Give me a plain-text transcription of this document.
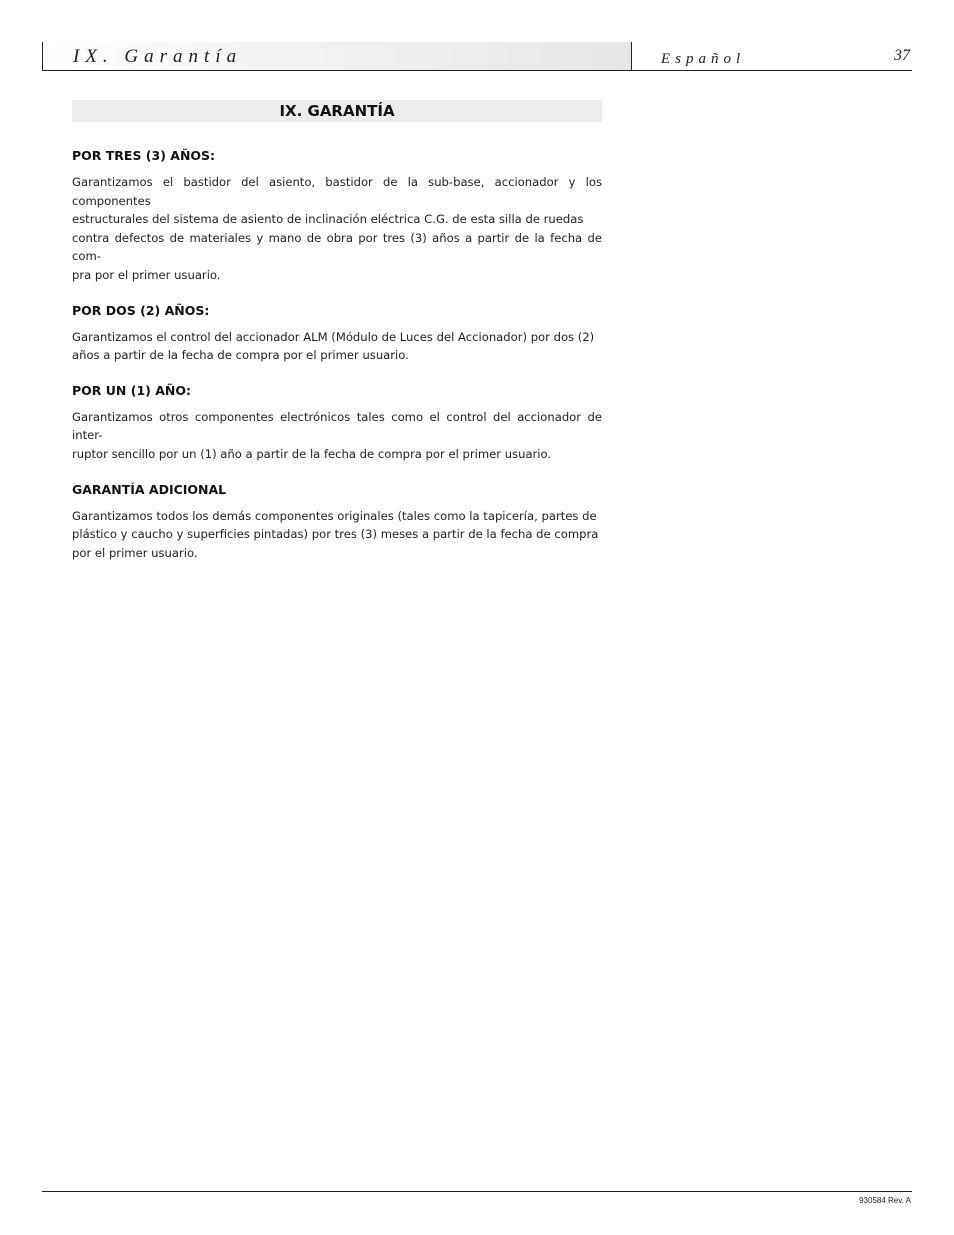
IX. Garantía	Español	37
IX. GARANTÍA
POR TRES (3) AÑOS:

Garantizamos el bastidor del asiento, bastidor de la sub-base, accionador y los componentes
estructurales del sistema de asiento de inclinación eléctrica C.G. de esta silla de ruedas
contra defectos de materiales y mano de obra por tres (3) años a partir de la fecha de com-
pra por el primer usuario.

POR DOS (2) AÑOS:

Garantizamos el control del accionador ALM (Módulo de Luces del Accionador) por dos (2)
años a partir de la fecha de compra por el primer usuario.

POR UN (1) AÑO:

Garantizamos otros componentes electrónicos tales como el control del accionador de inter-
ruptor sencillo por un (1) año a partir de la fecha de compra por el primer usuario.

GARANTÍA ADICIONAL

Garantizamos todos los demás componentes originales (tales como la tapicería, partes de
plástico y caucho y superficies pintadas) por tres (3) meses a partir de la fecha de compra
por el primer usuario.

930584 Rev. A
